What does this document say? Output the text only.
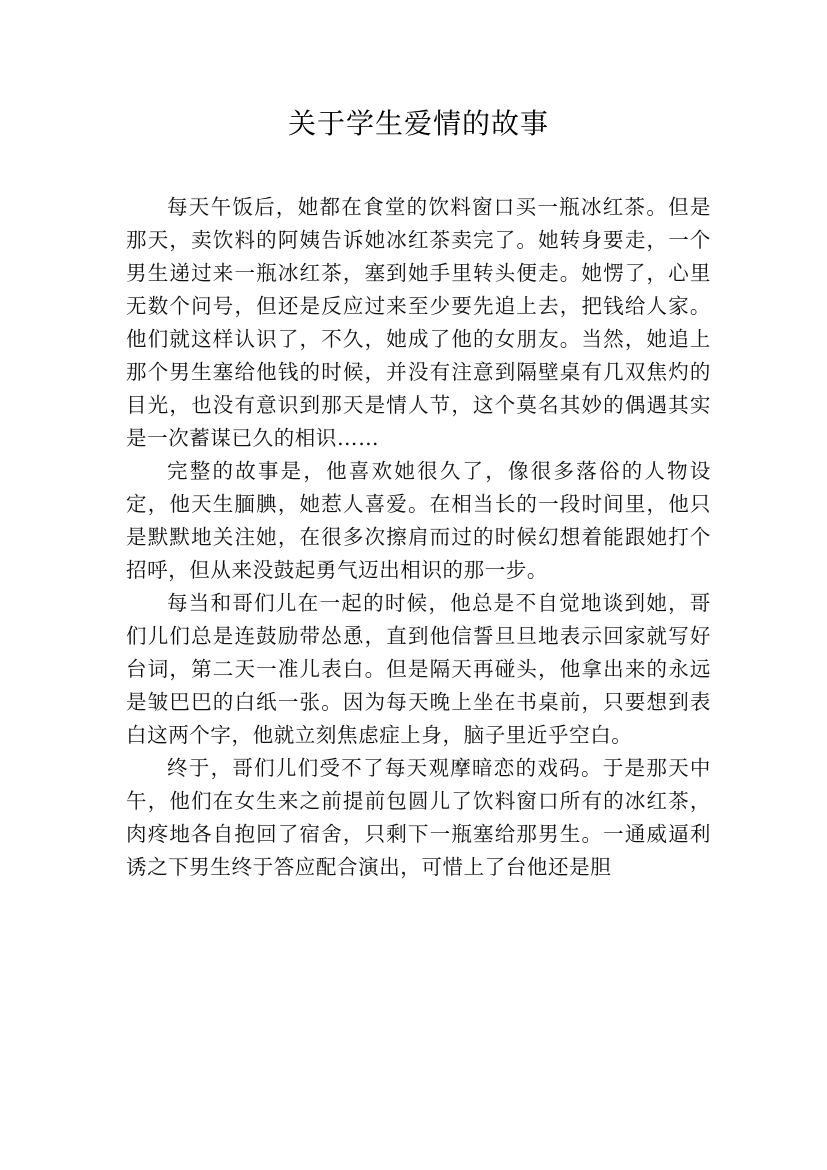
关于学生爱情的故事

每天午饭后，她都在食堂的饮料窗口买一瓶冰红茶。但是那天，卖饮料的阿姨告诉她冰红茶卖完了。她转身要走，一个男生递过来一瓶冰红茶，塞到她手里转头便走。她愣了，心里无数个问号，但还是反应过来至少要先追上去，把钱给人家。他们就这样认识了，不久，她成了他的女朋友。当然，她追上那个男生塞给他钱的时候，并没有注意到隔壁桌有几双焦灼的目光，也没有意识到那天是情人节，这个莫名其妙的偶遇其实是一次蓄谋已久的相识……

完整的故事是，他喜欢她很久了，像很多落俗的人物设定，他天生腼腆，她惹人喜爱。在相当长的一段时间里，他只是默默地关注她，在很多次擦肩而过的时候幻想着能跟她打个招呼，但从来没鼓起勇气迈出相识的那一步。

每当和哥们儿在一起的时候，他总是不自觉地谈到她，哥们儿们总是连鼓励带怂恿，直到他信誓旦旦地表示回家就写好台词，第二天一准儿表白。但是隔天再碰头，他拿出来的永远是皱巴巴的白纸一张。因为每天晚上坐在书桌前，只要想到表白这两个字，他就立刻焦虑症上身，脑子里近乎空白。

终于，哥们儿们受不了每天观摩暗恋的戏码。于是那天中午，他们在女生来之前提前包圆儿了饮料窗口所有的冰红茶，肉疼地各自抱回了宿舍，只剩下一瓶塞给那男生。一通威逼利诱之下男生终于答应配合演出，可惜上了台他还是胆
